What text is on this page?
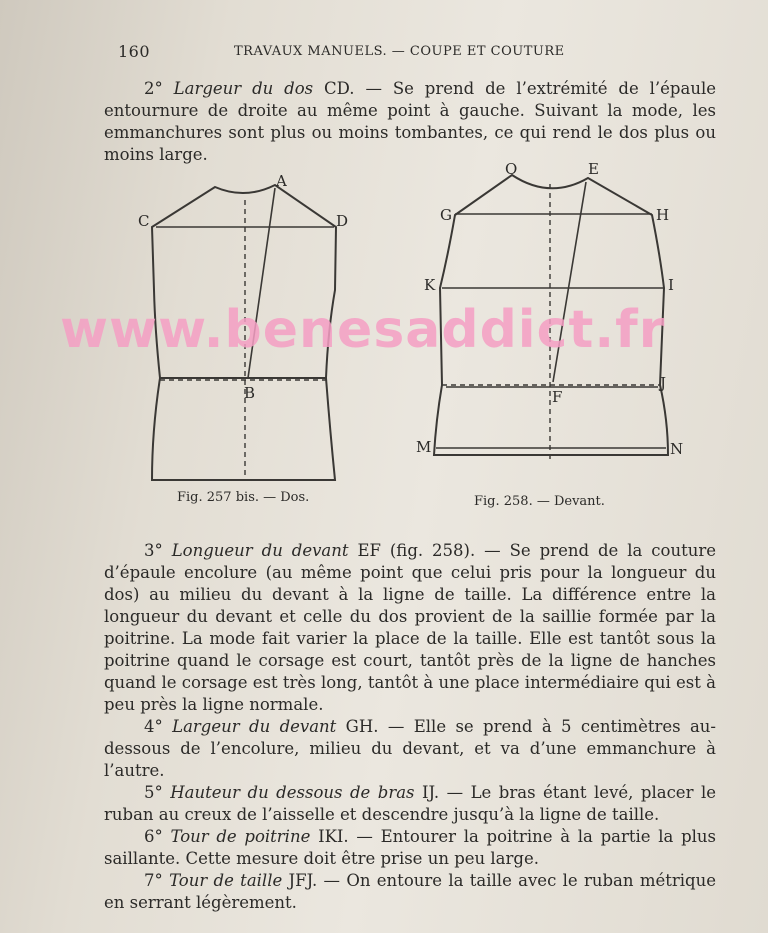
160	TRAVAUX MANUELS. — COUPE ET COUTURE

2° Largeur du dos CD. — Se prend de l’extrémité de l’épaule entournure de droite au même point à gauche. Suivant la mode, les emmanchures sont plus ou moins tombantes, ce qui rend le dos plus ou moins large.

A
B
C	D
O	E
G	H
K	I
J
F
M	N
Fig. 257 bis. — Dos.	Fig. 258. — Devant.
www.benesaddict.fr

3° Longueur du devant EF (fig. 258). — Se prend de la couture d’épaule encolure (au même point que celui pris pour la longueur du dos) au milieu du devant à la ligne de taille. La différence entre la longueur du devant et celle du dos provient de la saillie formée par la poitrine. La mode fait varier la place de la taille. Elle est tantôt sous la poitrine quand le corsage est court, tantôt près de la ligne de hanches quand le corsage est très long, tantôt à une place intermédiaire qui est à peu près la ligne normale.

4° Largeur du devant GH. — Elle se prend à 5 centimètres au-dessous de l’encolure, milieu du devant, et va d’une emmanchure à l’autre.

5° Hauteur du dessous de bras IJ. — Le bras étant levé, placer le ruban au creux de l’aisselle et descendre jusqu’à la ligne de taille.

6° Tour de poitrine IKI. — Entourer la poitrine à la partie la plus saillante. Cette mesure doit être prise un peu large.

7° Tour de taille JFJ. — On entoure la taille avec le ruban métrique en serrant légèrement.
